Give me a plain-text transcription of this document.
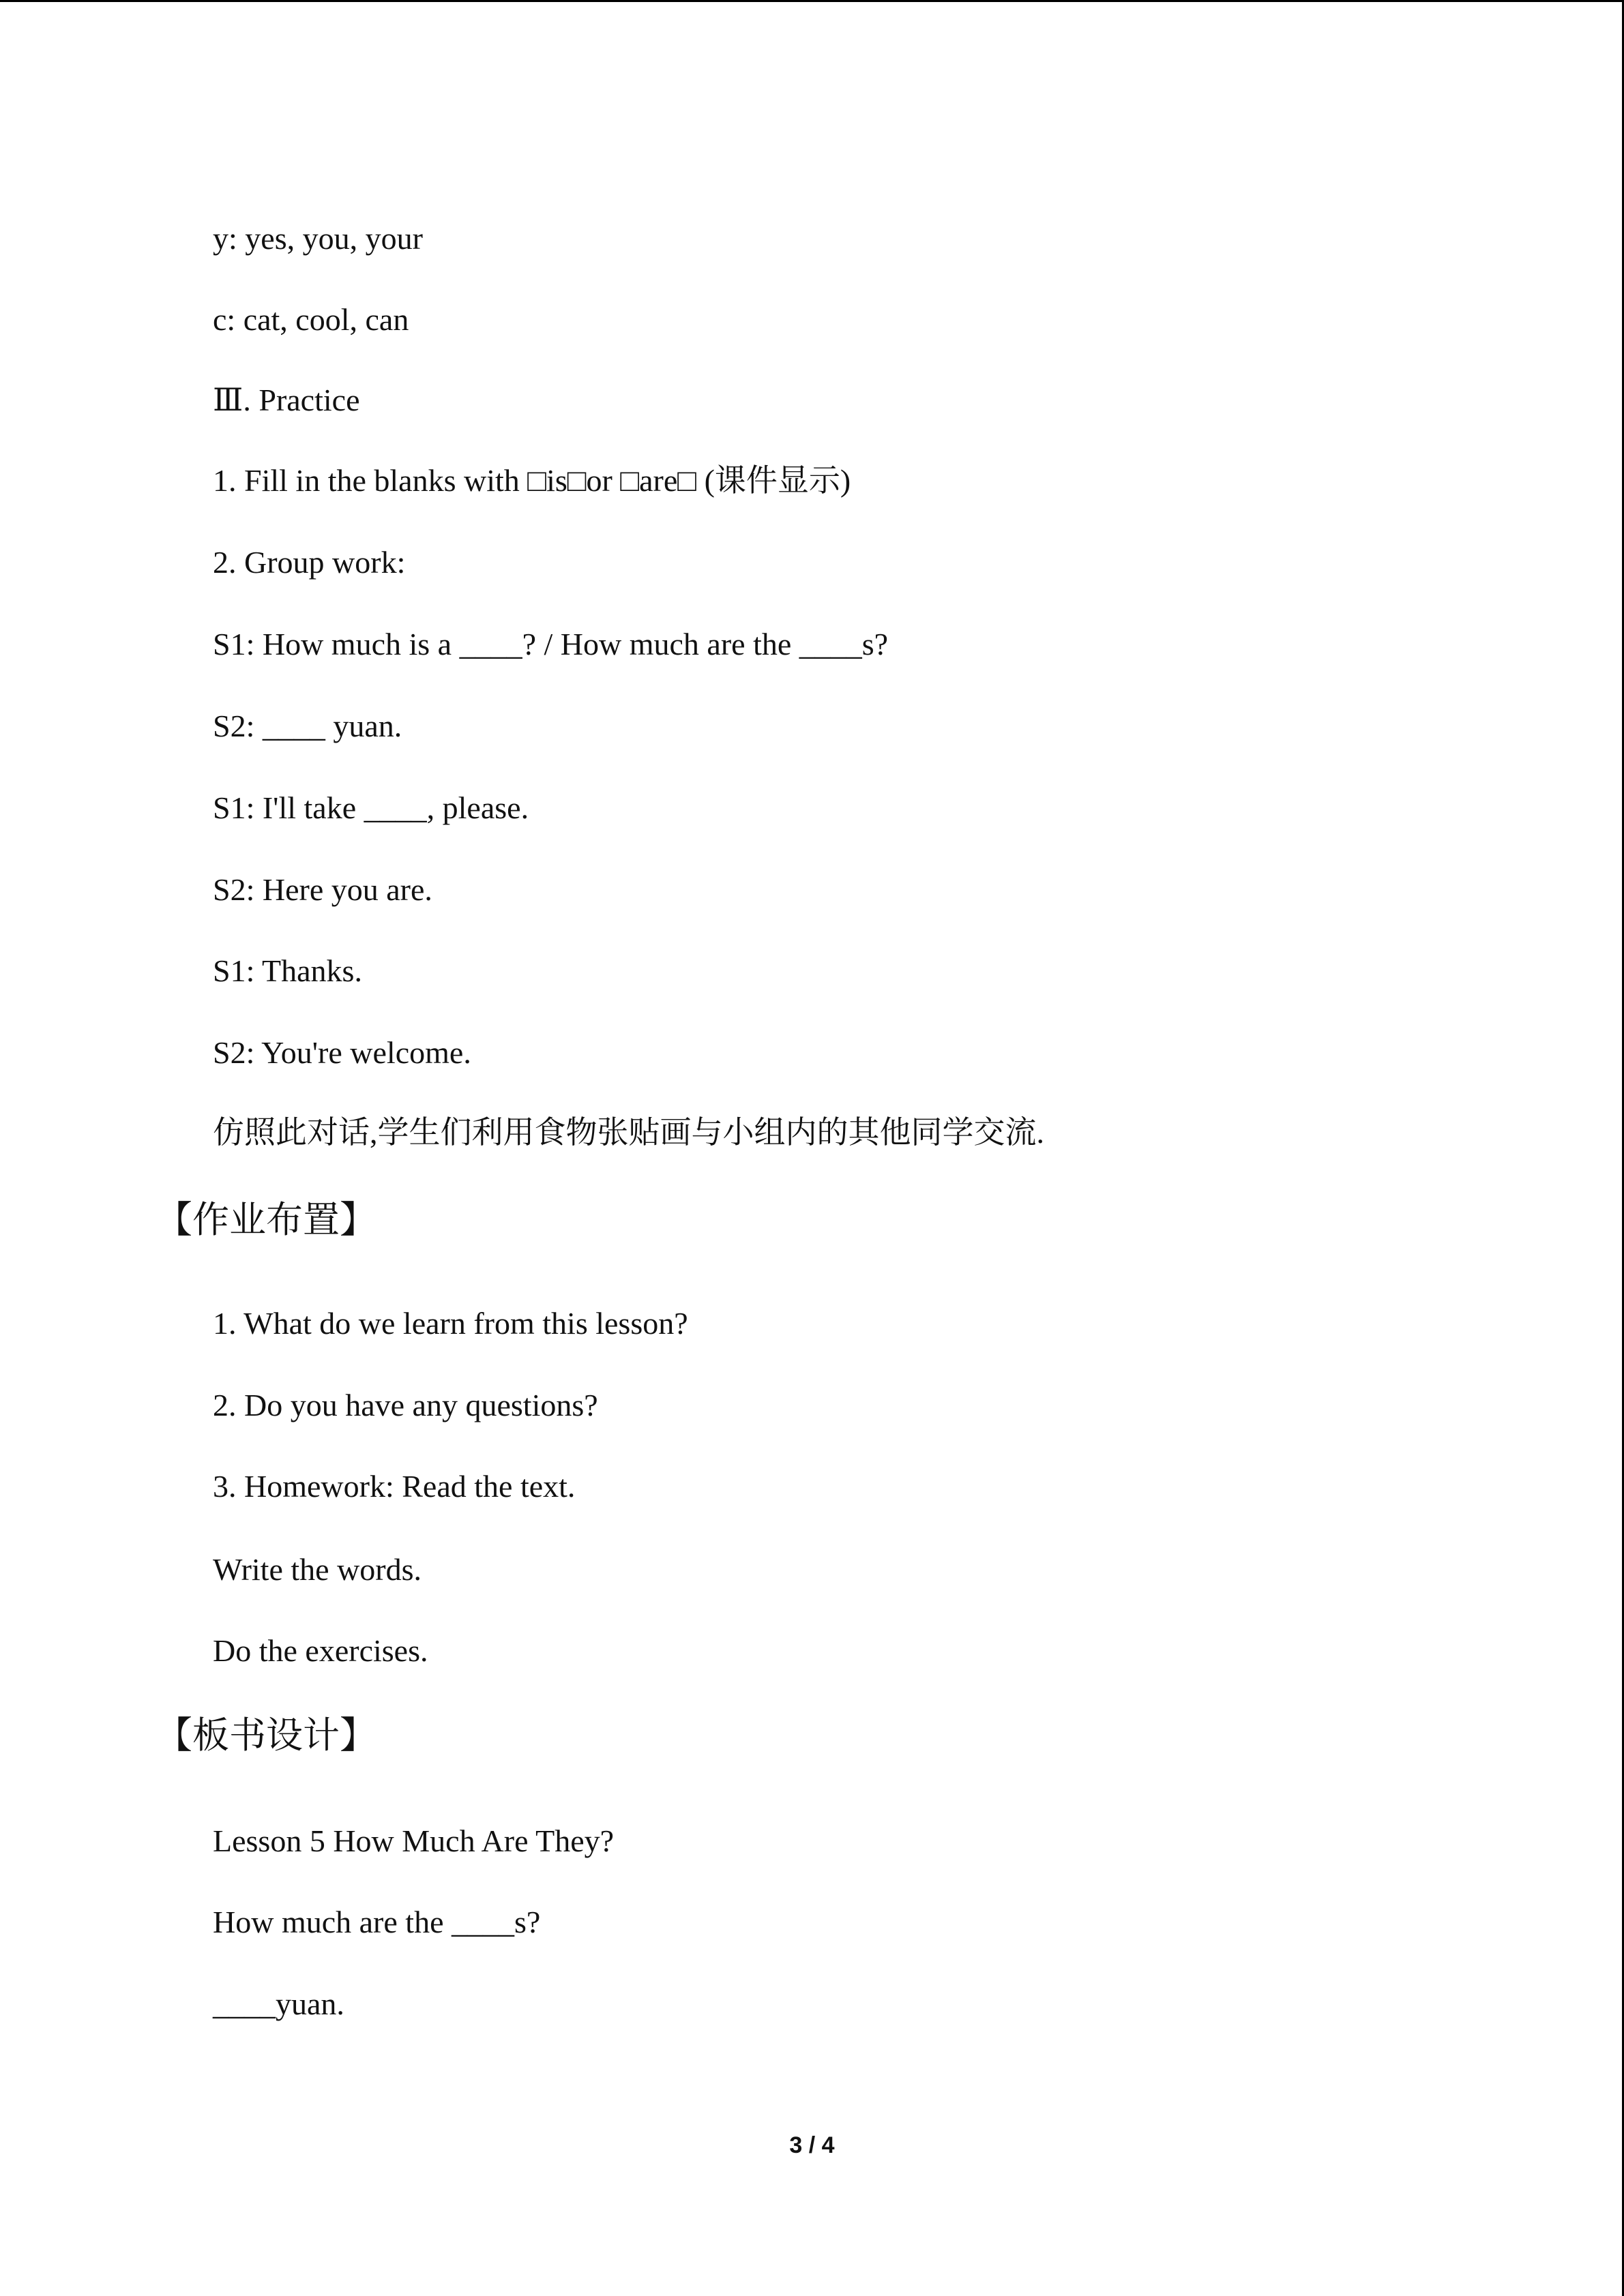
y: yes, you, your
c: cat, cool, can
Ⅲ. Practice
1. Fill in the blanks with □is□or □are□ (课件显示)
2. Group work:
S1: How much is a ____? / How much are the ____s?
S2: ____ yuan.
S1: I'll take ____, please.
S2: Here you are.
S1: Thanks.
S2: You're welcome.
仿照此对话,学生们利用食物张贴画与小组内的其他同学交流.
【作业布置】
1. What do we learn from this lesson?
2. Do you have any questions?
3. Homework: Read the text.
Write the words.
Do the exercises.
【板书设计】
Lesson 5 How Much Are They?
How much are the ____s?
____yuan.
3 / 4
